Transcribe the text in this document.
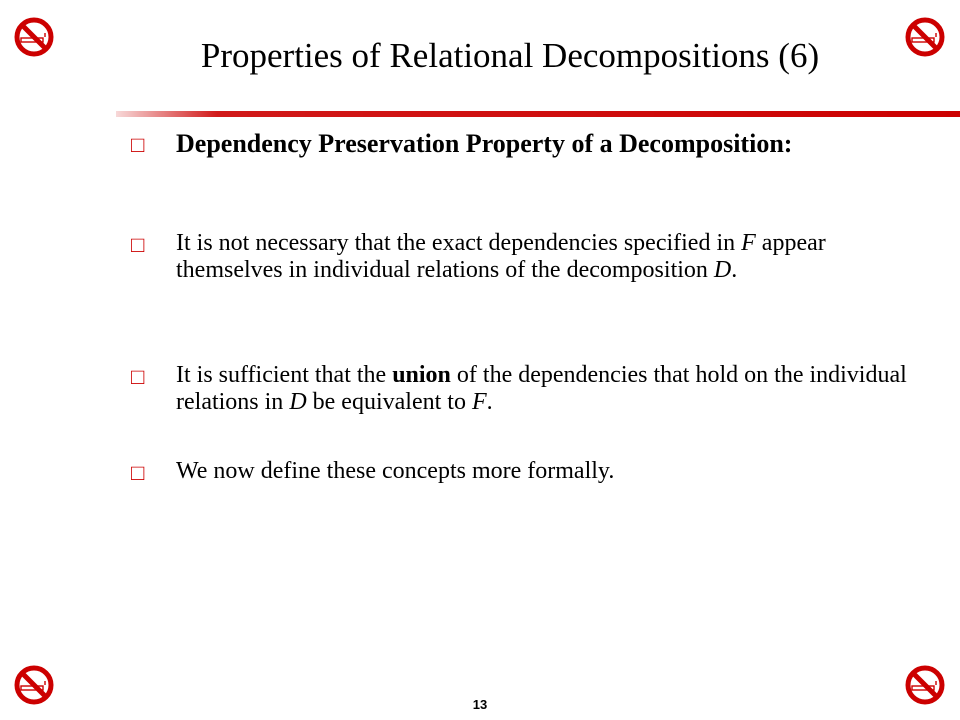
Properties of Relational Decompositions (6)
□ Dependency Preservation Property of a Decomposition:
□ It is not necessary that the exact dependencies specified in F appear themselves in individual relations of the decomposition D.
□ It is sufficient that the union of the dependencies that hold on the individual relations in D be equivalent to F.
□ We now define these concepts more formally.
13
